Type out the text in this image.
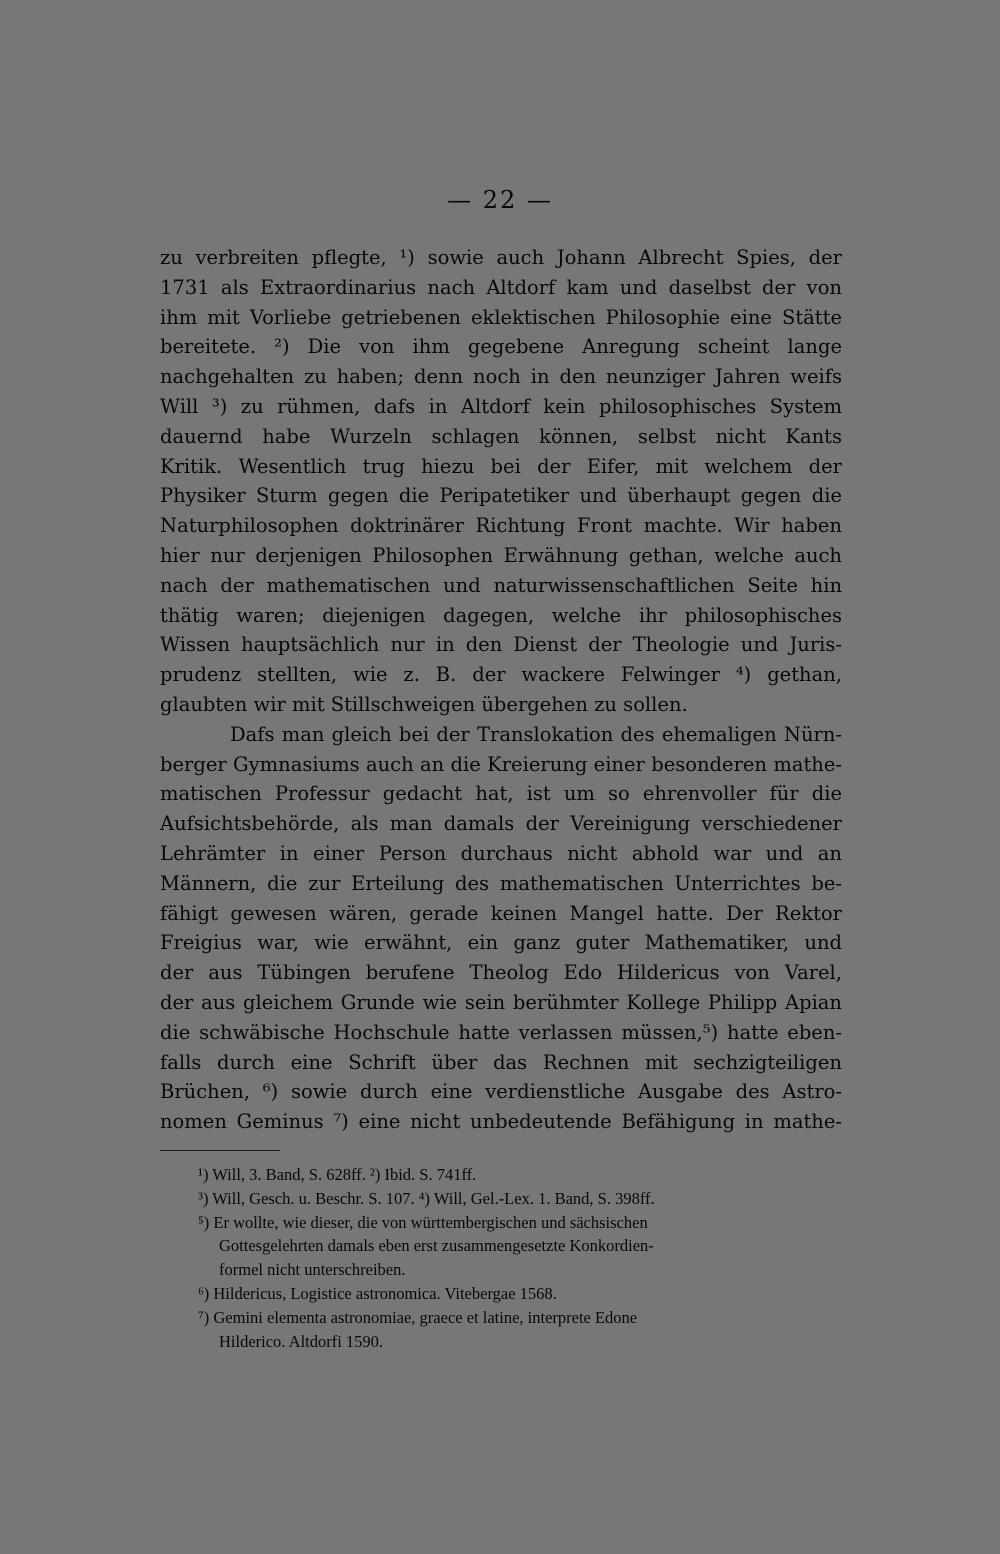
— 22 —
zu verbreiten pflegte, ¹) sowie auch Johann Albrecht Spies, der
1731 als Extraordinarius nach Altdorf kam und daselbst der von
ihm mit Vorliebe getriebenen eklektischen Philosophie eine Stätte
bereitete. ²) Die von ihm gegebene Anregung scheint lange
nachgehalten zu haben; denn noch in den neunziger Jahren weifs
Will ³) zu rühmen, dafs in Altdorf kein philosophisches System
dauernd habe Wurzeln schlagen können, selbst nicht Kants
Kritik. Wesentlich trug hiezu bei der Eifer, mit welchem der
Physiker Sturm gegen die Peripatetiker und überhaupt gegen die
Naturphilosophen doktrinärer Richtung Front machte. Wir haben
hier nur derjenigen Philosophen Erwähnung gethan, welche auch
nach der mathematischen und naturwissenschaftlichen Seite hin
thätig waren; diejenigen dagegen, welche ihr philosophisches
Wissen hauptsächlich nur in den Dienst der Theologie und Juris-
prudenz stellten, wie z. B. der wackere Felwinger ⁴) gethan,
glaubten wir mit Stillschweigen übergehen zu sollen.
Dafs man gleich bei der Translokation des ehemaligen Nürn-
berger Gymnasiums auch an die Kreierung einer besonderen mathe-
matischen Professur gedacht hat, ist um so ehrenvoller für die
Aufsichtsbehörde, als man damals der Vereinigung verschiedener
Lehrämter in einer Person durchaus nicht abhold war und an
Männern, die zur Erteilung des mathematischen Unterrichtes be-
fähigt gewesen wären, gerade keinen Mangel hatte. Der Rektor
Freigius war, wie erwähnt, ein ganz guter Mathematiker, und
der aus Tübingen berufene Theolog Edo Hildericus von Varel,
der aus gleichem Grunde wie sein berühmter Kollege Philipp Apian
die schwäbische Hochschule hatte verlassen müssen,⁵) hatte eben-
falls durch eine Schrift über das Rechnen mit sechzigteiligen
Brüchen, ⁶) sowie durch eine verdienstliche Ausgabe des Astro-
nomen Geminus ⁷) eine nicht unbedeutende Befähigung in mathe-
¹) Will, 3. Band, S. 628ff. ²) Ibid. S. 741ff.
³) Will, Gesch. u. Beschr. S. 107. ⁴) Will, Gel.-Lex. 1. Band, S. 398ff.
⁵) Er wollte, wie dieser, die von württembergischen und sächsischen
Gottesgelehrten damals eben erst zusammengesetzte Konkordien-
formel nicht unterschreiben.
⁶) Hildericus, Logistice astronomica. Vitebergae 1568.
⁷) Gemini elementa astronomiae, graece et latine, interprete Edone
Hilderico. Altdorfi 1590.
